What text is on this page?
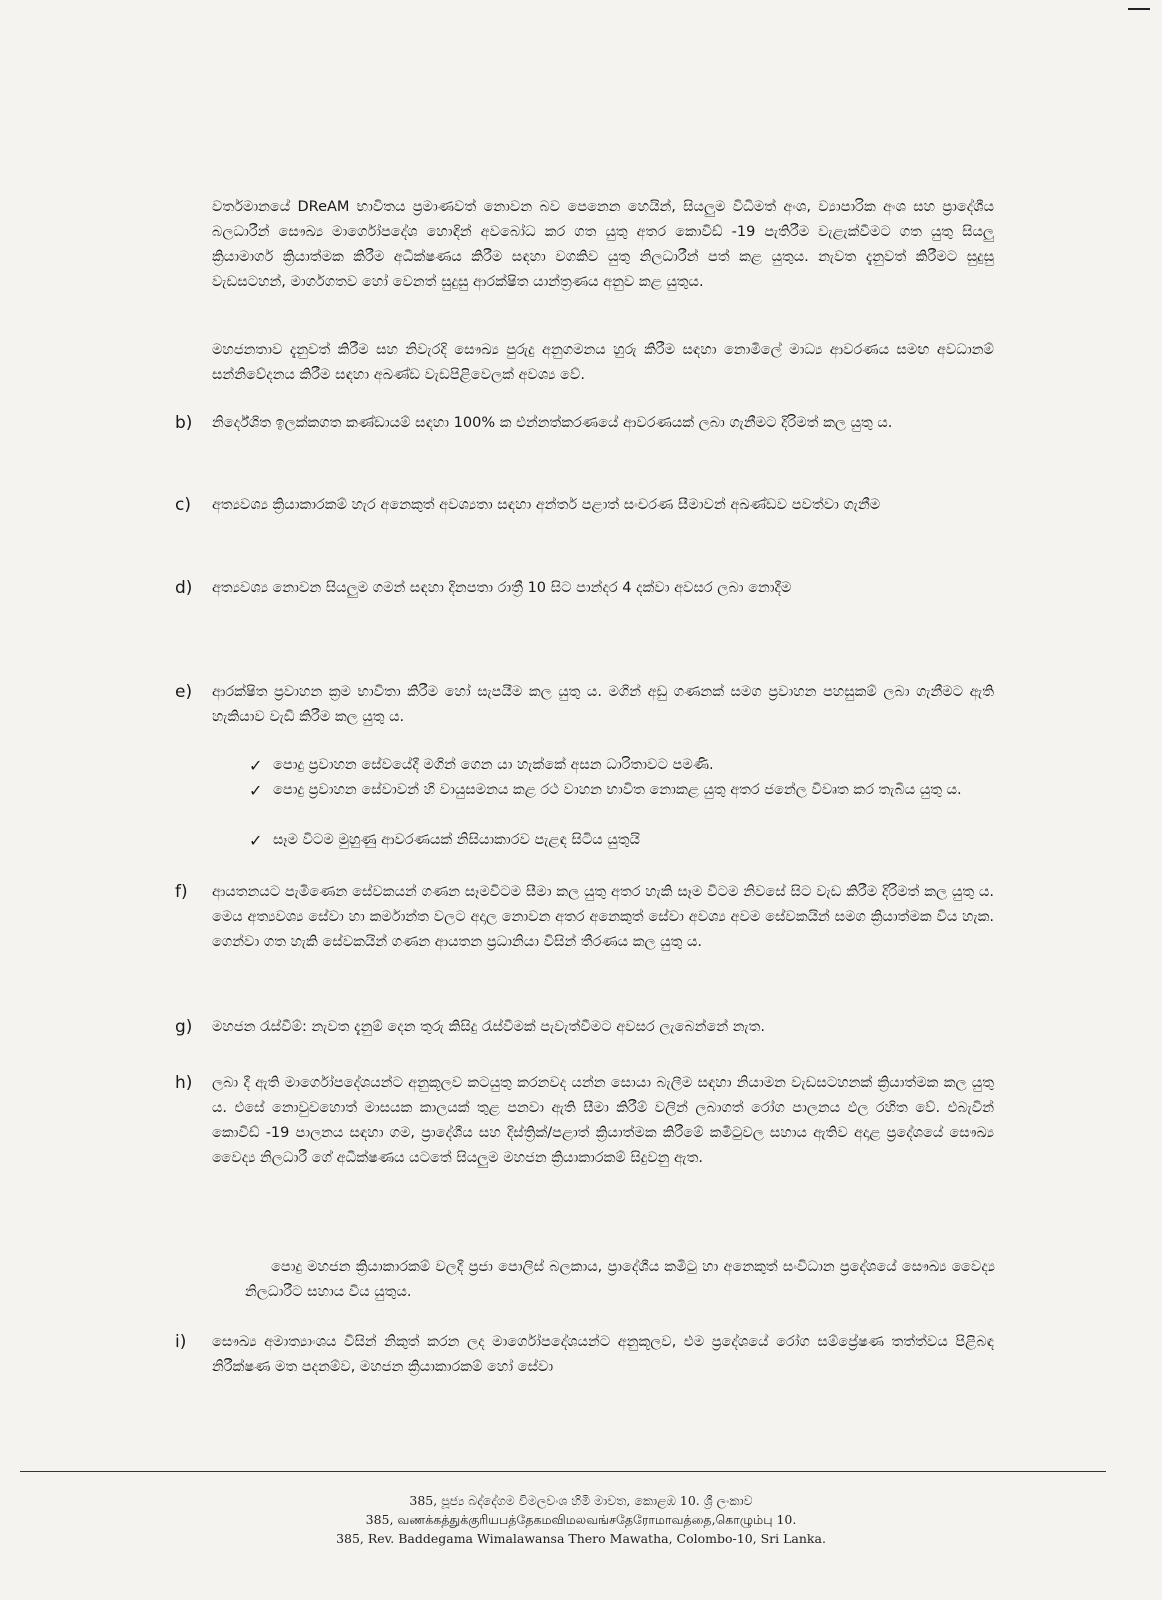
වර්තමානයේ DReAM භාවිතය ප්‍රමාණවත් නොවන බව පෙනෙන හෙයින්, සියලුම විධිමත් අංශ, ව්‍යාපාරික අංශ සහ ප්‍රාදේශීය බලධාරීන් සෞඛ්‍ය මාර්ගෝපදේශ හොඳින් අවබෝධ කර ගත යුතු අතර කොවිඩ් -19 පැතිරීම වැළැක්වීමට ගත යුතු සියලු ක්‍රියාමාර්ග ක්‍රියාත්මක කිරීම අධීක්ෂණය කිරීම සඳහා වගකිව යුතු නිලධාරීන් පත් කළ යුතුය. නැවත දැනුවත් කිරීමට සුදුසු වැඩසටහන්, මාර්ගගතව හෝ වෙනත් සුදුසු ආරක්ෂිත යාන්ත්‍රණය අනුව කළ යුතුය.

මහජනතාව දැනුවත් කිරීම සහ නිවැරදි සෞඛ්‍ය පුරුදු අනුගමනය හුරු කිරීම සඳහා නොමිලේ මාධ්‍ය ආවරණය සමඟ අවධානම් සන්නිවේදනය කිරීම සඳහා අඛණ්ඩ වැඩපිළිවෙලක් අවශ්‍ය වේ.

b)	නිර්දේශිත ඉලක්කගත කණ්ඩායම් සඳහා 100% ක එන්නත්කරණයේ ආවරණයක් ලබා ගැනීමට දිරිමත් කල යුතු ය.

c)	අත්‍යවශ්‍ය ක්‍රියාකාරකම් හැර අනෙකුත් අවශ්‍යතා සඳහා අන්තර් පළාත් සංචරණ සීමාවන් අඛණ්ඩව පවත්වා ගැනීම

d)	අත්‍යවශ්‍ය නොවන සියලුම ගමන් සඳහා දිනපතා රාත්‍රී 10 සිට පාන්දර 4 දක්වා අවසර ලබා නොදීම

e)	ආරක්ෂිත ප්‍රවාහන ක්‍රම භාවිතා කිරීම හෝ සැපයීම කල යුතු ය. මගින් අඩු ගණනක් සමග ප්‍රවාහන පහසුකම් ලබා ගැනීමට ඇති හැකියාව වැඩි කිරීම කල යුතු ය.

✓ පොදු ප්‍රවාහන සේවයේදී මගින් ගෙන යා හැක්කේ අසන ධාරිතාවට පමණි.

✓ පොදු ප්‍රවාහන සේවාවන් හි වායුසමනය කළ රථ වාහන භාවිත නොකළ යුතු අතර ජනේල විවෘත කර තැබිය යුතු ය.

✓ සෑම විටම මුහුණු ආවරණයක් නිසියාකාරව පැළඳ සිටිය යුතුයි

f)	ආයතනයට පැමිණෙන සේවකයන් ගණන සෑමවිටම සීමා කල යුතු අතර හැකි සෑම විටම නිවසේ සිට වැඩ කිරීම දිරිමත් කල යුතු ය. මෙය අත්‍යවශ්‍ය සේවා හා කර්මාන්ත වලට අදාල නොවන අතර අනෙකුත් සේවා අවශ්‍ය අවම සේවකයින් සමග ක්‍රියාත්මක විය හැක. ගෙන්වා ගත හැකි සේවකයින් ගණන ආයතන ප්‍රධානියා විසින් තීරණය කල යුතු ය.

g)	මහජන රැස්වීම්: නැවත දැනුම් දෙන තුරු කිසිදු රැස්වීමක් පැවැත්වීමට අවසර ලැබෙන්නේ නැත.

h)	ලබා දී ඇති මාර්ගෝපදේශයන්ට අනුකූලව කටයුතු කරනවද යන්න සොයා බැලීම සඳහා නියාමන වැඩසටහනක් ක්‍රියාත්මක කල යුතු ය. එසේ නොවුවහොත් මාසයක කාලයක් තුළ පනවා ඇති සීමා කිරීම් වලින් ලබාගත් රෝග පාලනය ඵල රහිත වේ. එබැවින් කොවිඩ් -19 පාලනය සඳහා ගම, ප්‍රාදේශීය සහ දිස්ත්‍රික්/පළාත් ක්‍රියාත්මක කිරීමේ කමිටුවල සහාය ඇතිව අදාළ ප්‍රදේශයේ සෞඛ්‍ය වෛද්‍ය නිලධාරී ගේ අධීක්ෂණය යටතේ සියලුම මහජන ක්‍රියාකාරකම් සිදුවනු ඇත.

පොදු මහජන ක්‍රියාකාරකම් වලදී ප්‍රජා පොලිස් බලකාය, ප්‍රාදේශීය කමිටු හා අනෙකුත් සංවිධාන ප්‍රදේශයේ සෞඛ්‍ය වෛද්‍ය නිලධාරීට සහාය විය යුතුය.

i)	සෞඛ්‍ය අමාත්‍යාංශය විසින් නිකුත් කරන ලද මාර්ගෝපදේශයන්ට අනුකූලව, එම ප්‍රදේශයේ රෝග සම්ප්‍රේෂණ තත්ත්වය පිළිබඳ නිරීක්ෂණ මත පදනම්ව, මහජන ක්‍රියාකාරකම් හෝ සේවා

385, පූජ්‍ය බද්දේගම විමලවංශ හිමි මාවත, කොළඹ 10. ශ්‍රී ලංකාව
385, வணக்கத்துக்குரியபத்தேகமவிமலவங்சதேரோமாவத்தை,கொழும்பு 10.
385, Rev. Baddegama Wimalawansa Thero Mawatha, Colombo-10, Sri Lanka.
